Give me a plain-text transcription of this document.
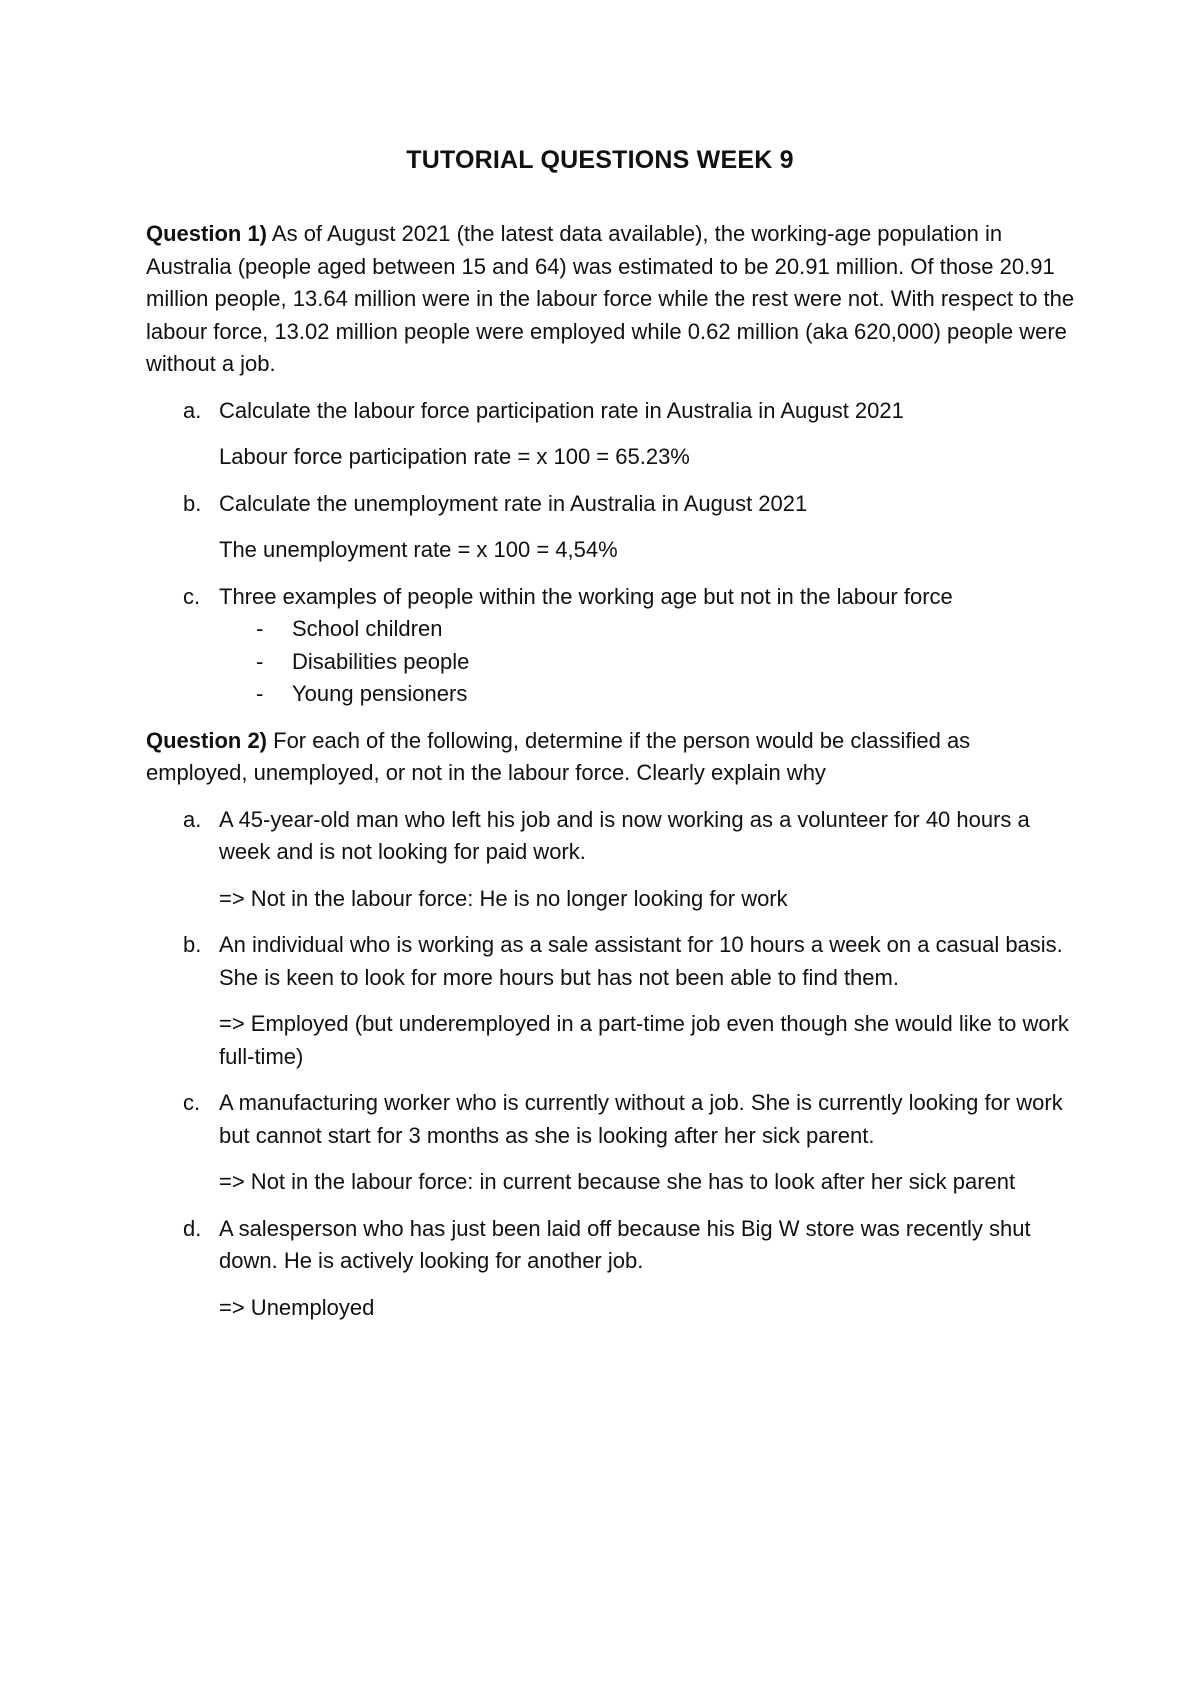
TUTORIAL QUESTIONS WEEK 9

Question 1) As of August 2021 (the latest data available), the working-age population in Australia (people aged between 15 and 64) was estimated to be 20.91 million. Of those 20.91 million people, 13.64 million were in the labour force while the rest were not. With respect to the labour force, 13.02 million people were employed while 0.62 million (aka 620,000) people were without a job.

a. Calculate the labour force participation rate in Australia in August 2021
Labour force participation rate = x 100 = 65.23%
b. Calculate the unemployment rate in Australia in August 2021
The unemployment rate = x 100 = 4,54%
c. Three examples of people within the working age but not in the labour force
- School children
- Disabilities people
- Young pensioners

Question 2) For each of the following, determine if the person would be classified as employed, unemployed, or not in the labour force. Clearly explain why

a. A 45-year-old man who left his job and is now working as a volunteer for 40 hours a week and is not looking for paid work.
=> Not in the labour force: He is no longer looking for work
b. An individual who is working as a sale assistant for 10 hours a week on a casual basis. She is keen to look for more hours but has not been able to find them.
=> Employed (but underemployed in a part-time job even though she would like to work full-time)
c. A manufacturing worker who is currently without a job. She is currently looking for work but cannot start for 3 months as she is looking after her sick parent.
=> Not in the labour force: in current because she has to look after her sick parent
d. A salesperson who has just been laid off because his Big W store was recently shut down. He is actively looking for another job.
=> Unemployed
